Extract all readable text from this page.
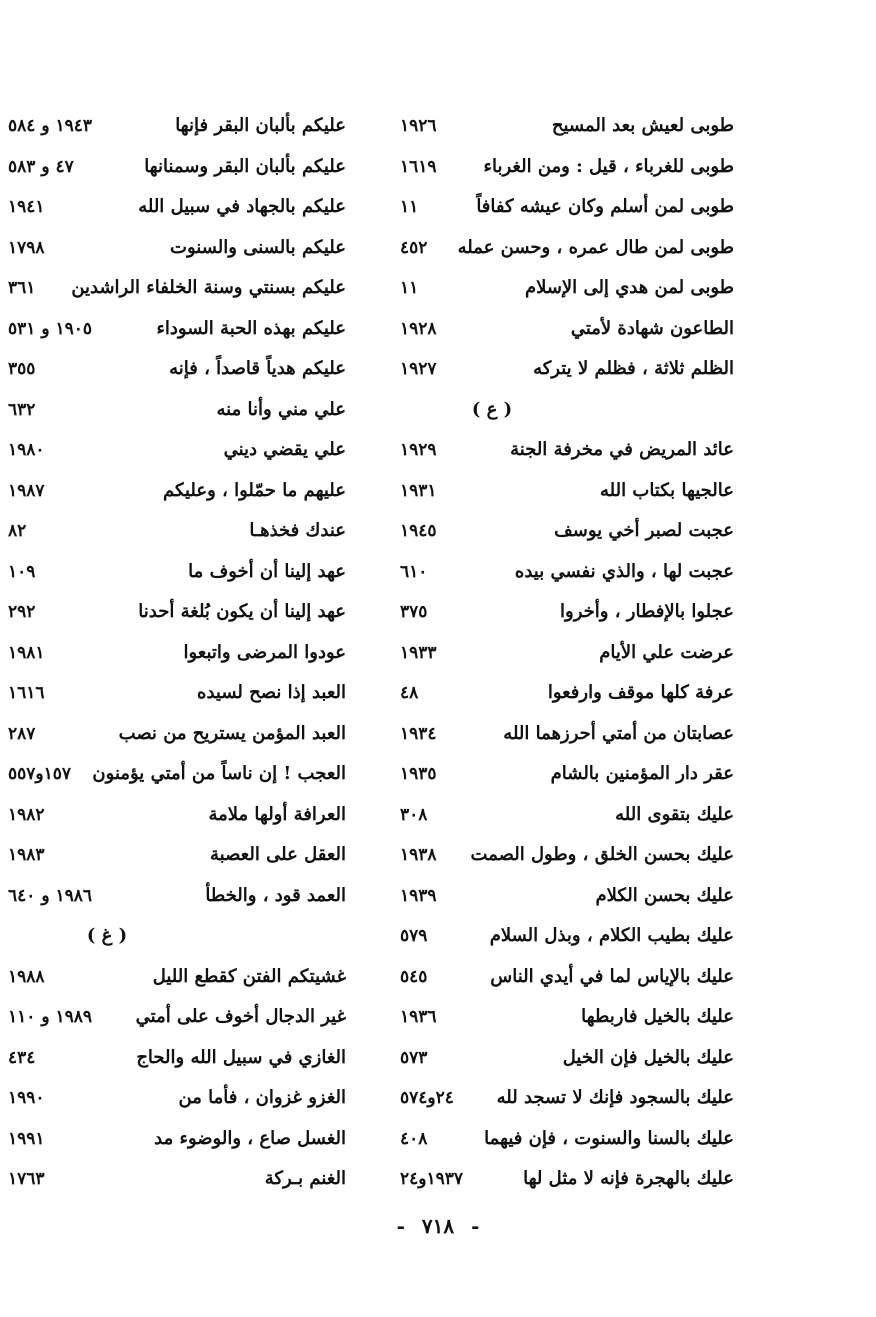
طوبى لعيش بعد المسيح
١٩٢٦
طوبى للغرباء ، قيل : ومن الغرباء
١٦١٩
طوبى لمن أسلم وكان عيشه كفافاً
١١
طوبى لمن طال عمره ، وحسن عمله
٤٥٢
طوبى لمن هدي إلى الإسلام
١١
الطاعون شهادة لأمتي
١٩٢٨
الظلم ثلاثة ، فظلم لا يتركه
١٩٢٧
( ع )
عائد المريض في مخرفة الجنة
١٩٢٩
عالجيها بكتاب الله
١٩٣١
عجبت لصبر أخي يوسف
١٩٤٥
عجبت لها ، والذي نفسي بيده
٦١٠
عجلوا بالإفطار ، وأخروا
٣٧٥
عرضت علي الأيام
١٩٣٣
عرفة كلها موقف وارفعوا
٤٨
عصابتان من أمتي أحرزهما الله
١٩٣٤
عقر دار المؤمنين بالشام
١٩٣٥
عليك بتقوى الله
٣٠٨
عليك بحسن الخلق ، وطول الصمت
١٩٣٨
عليك بحسن الكلام
١٩٣٩
عليك بطيب الكلام ، وبذل السلام
٥٧٩
عليك بالإياس لما في أيدي الناس
٥٤٥
عليك بالخيل فاربطها
١٩٣٦
عليك بالخيل فإن الخيل
٥٧٣
عليك بالسجود فإنك لا تسجد لله
٢٤و٥٧٤
عليك بالسنا والسنوت ، فإن فيهما
٤٠٨
عليك بالهجرة فإنه لا مثل لها
١٩٣٧و٢٤
عليكم بألبان البقر فإنها
١٩٤٣ و ٥٨٤
عليكم بألبان البقر وسمنانها
٤٧ و ٥٨٣
عليكم بالجهاد في سبيل الله
١٩٤١
عليكم بالسنى والسنوت
١٧٩٨
عليكم بسنتي وسنة الخلفاء الراشدين
٣٦١
عليكم بهذه الحبة السوداء
١٩٠٥ و ٥٣١
عليكم هدياً قاصداً ، فإنه
٣٥٥
علي مني وأنا منه
٦٣٢
علي يقضي ديني
١٩٨٠
عليهم ما حمّلوا ، وعليكم
١٩٨٧
عندك فخذهـا
٨٢
عهد إلينا أن أخوف ما
١٠٩
عهد إلينا أن يكون بُلغة أحدنا
٢٩٢
عودوا المرضى واتبعوا
١٩٨١
العبد إذا نصح لسيده
١٦١٦
العبد المؤمن يستريح من نصب
٢٨٧
العجب ! إن ناساً من أمتي يؤمنون
١٥٧و٥٥٧
العرافة أولها ملامة
١٩٨٢
العقل على العصبة
١٩٨٣
العمد قود ، والخطأ
١٩٨٦ و ٦٤٠
( غ )
غشيتكم الفتن كقطع الليل
١٩٨٨
غير الدجال أخوف على أمتي
١٩٨٩ و ١١٠
الغازي في سبيل الله والحاج
٤٣٤
الغزو غزوان ، فأما من
١٩٩٠
الغسل صاع ، والوضوء مد
١٩٩١
الغنم بـركة
١٧٦٣
- ٧١٨ -
